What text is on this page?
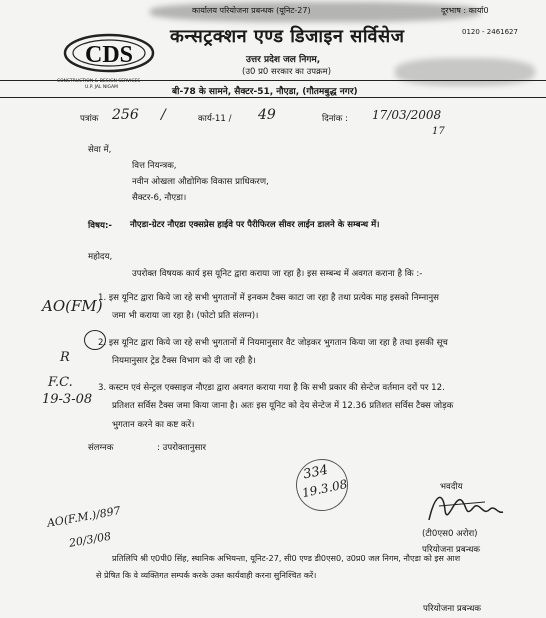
कार्यालय परियोजना प्रबन्धक (यूनिट-27)	दूरभाष : कार्या0
0120 - 2461627
CDS
CONSTRUCTION & DESIGN SERVICES
U.P. JAL NIGAM
कन्सट्रक्शन एण्ड डिजाइन सर्विसेज
उत्तर प्रदेश जल निगम,
(उ0 प्र0 सरकार का उपक्रम)
बी-78 के सामने, सैक्टर-51, नौएडा, (गौतमबुद्ध नगर)
पत्रांक 256 /	कार्य-11 / 49	दिनांक : 17/03/2008
17
सेवा में,
वित्त नियन्त्रक,
नवीन ओखला औद्योगिक विकास प्राधिकरण,
सैक्टर-6, नौएडा।
विषय:- नौएडा-ग्रेटर नौएडा एक्सप्रेस हाईवे पर पैरीफिरल सीवर लाईन डालने के सम्बन्ध में।
महोदय,
उपरोक्त विषयक कार्य इस यूनिट द्वारा कराया जा रहा है। इस सम्बन्ध में अवगत कराना है कि :-
1. इस यूनिट द्वारा किये जा रहे सभी भुगतानों में इनकम टैक्स काटा जा रहा है तथा प्रत्येक माह इसको निम्नानुस
जमा भी कराया जा रहा है। (फोटो प्रति संलग्न)।
2. इस यूनिट द्वारा किये जा रहे सभी भुगतानों में नियमानुसार वैट जोड़कर भुगतान किया जा रहा है तथा इसकी सूच
नियमानुसार ट्रेड टैक्स विभाग को दी जा रही है।
3. कस्टम एवं सेन्ट्रल एक्साइज नौएडा द्वारा अवगत कराया गया है कि सभी प्रकार की सेन्टेज वर्तमान दरों पर 12.
प्रतिशत सर्विस टैक्स जमा किया जाना है। अतः इस यूनिट को देय सेन्टेज में 12.36 प्रतिशत सर्विस टैक्स जोड़क
भुगतान करने का कष्ट करें।
संलग्नक	: उपरोक्तानुसार
भवदीय
(टी0एस0 अरोरा)
परियोजना प्रबन्धक
प्रतिलिपि श्री ए0पी0 सिंह, स्थानिक अभियन्ता, यूनिट-27, सी0 एण्ड डी0एस0, उ0प्र0 जल निगम, नौएडा को इस आश
से प्रेषित कि वे व्यक्तिगत सम्पर्क करके उक्त कार्यवाही करना सुनिश्चित करें।
परियोजना प्रबन्धक
AO(FM)
R
F.C.
19-3-08
334
19.3.08
AO(F.M.)/897
20/3/08
